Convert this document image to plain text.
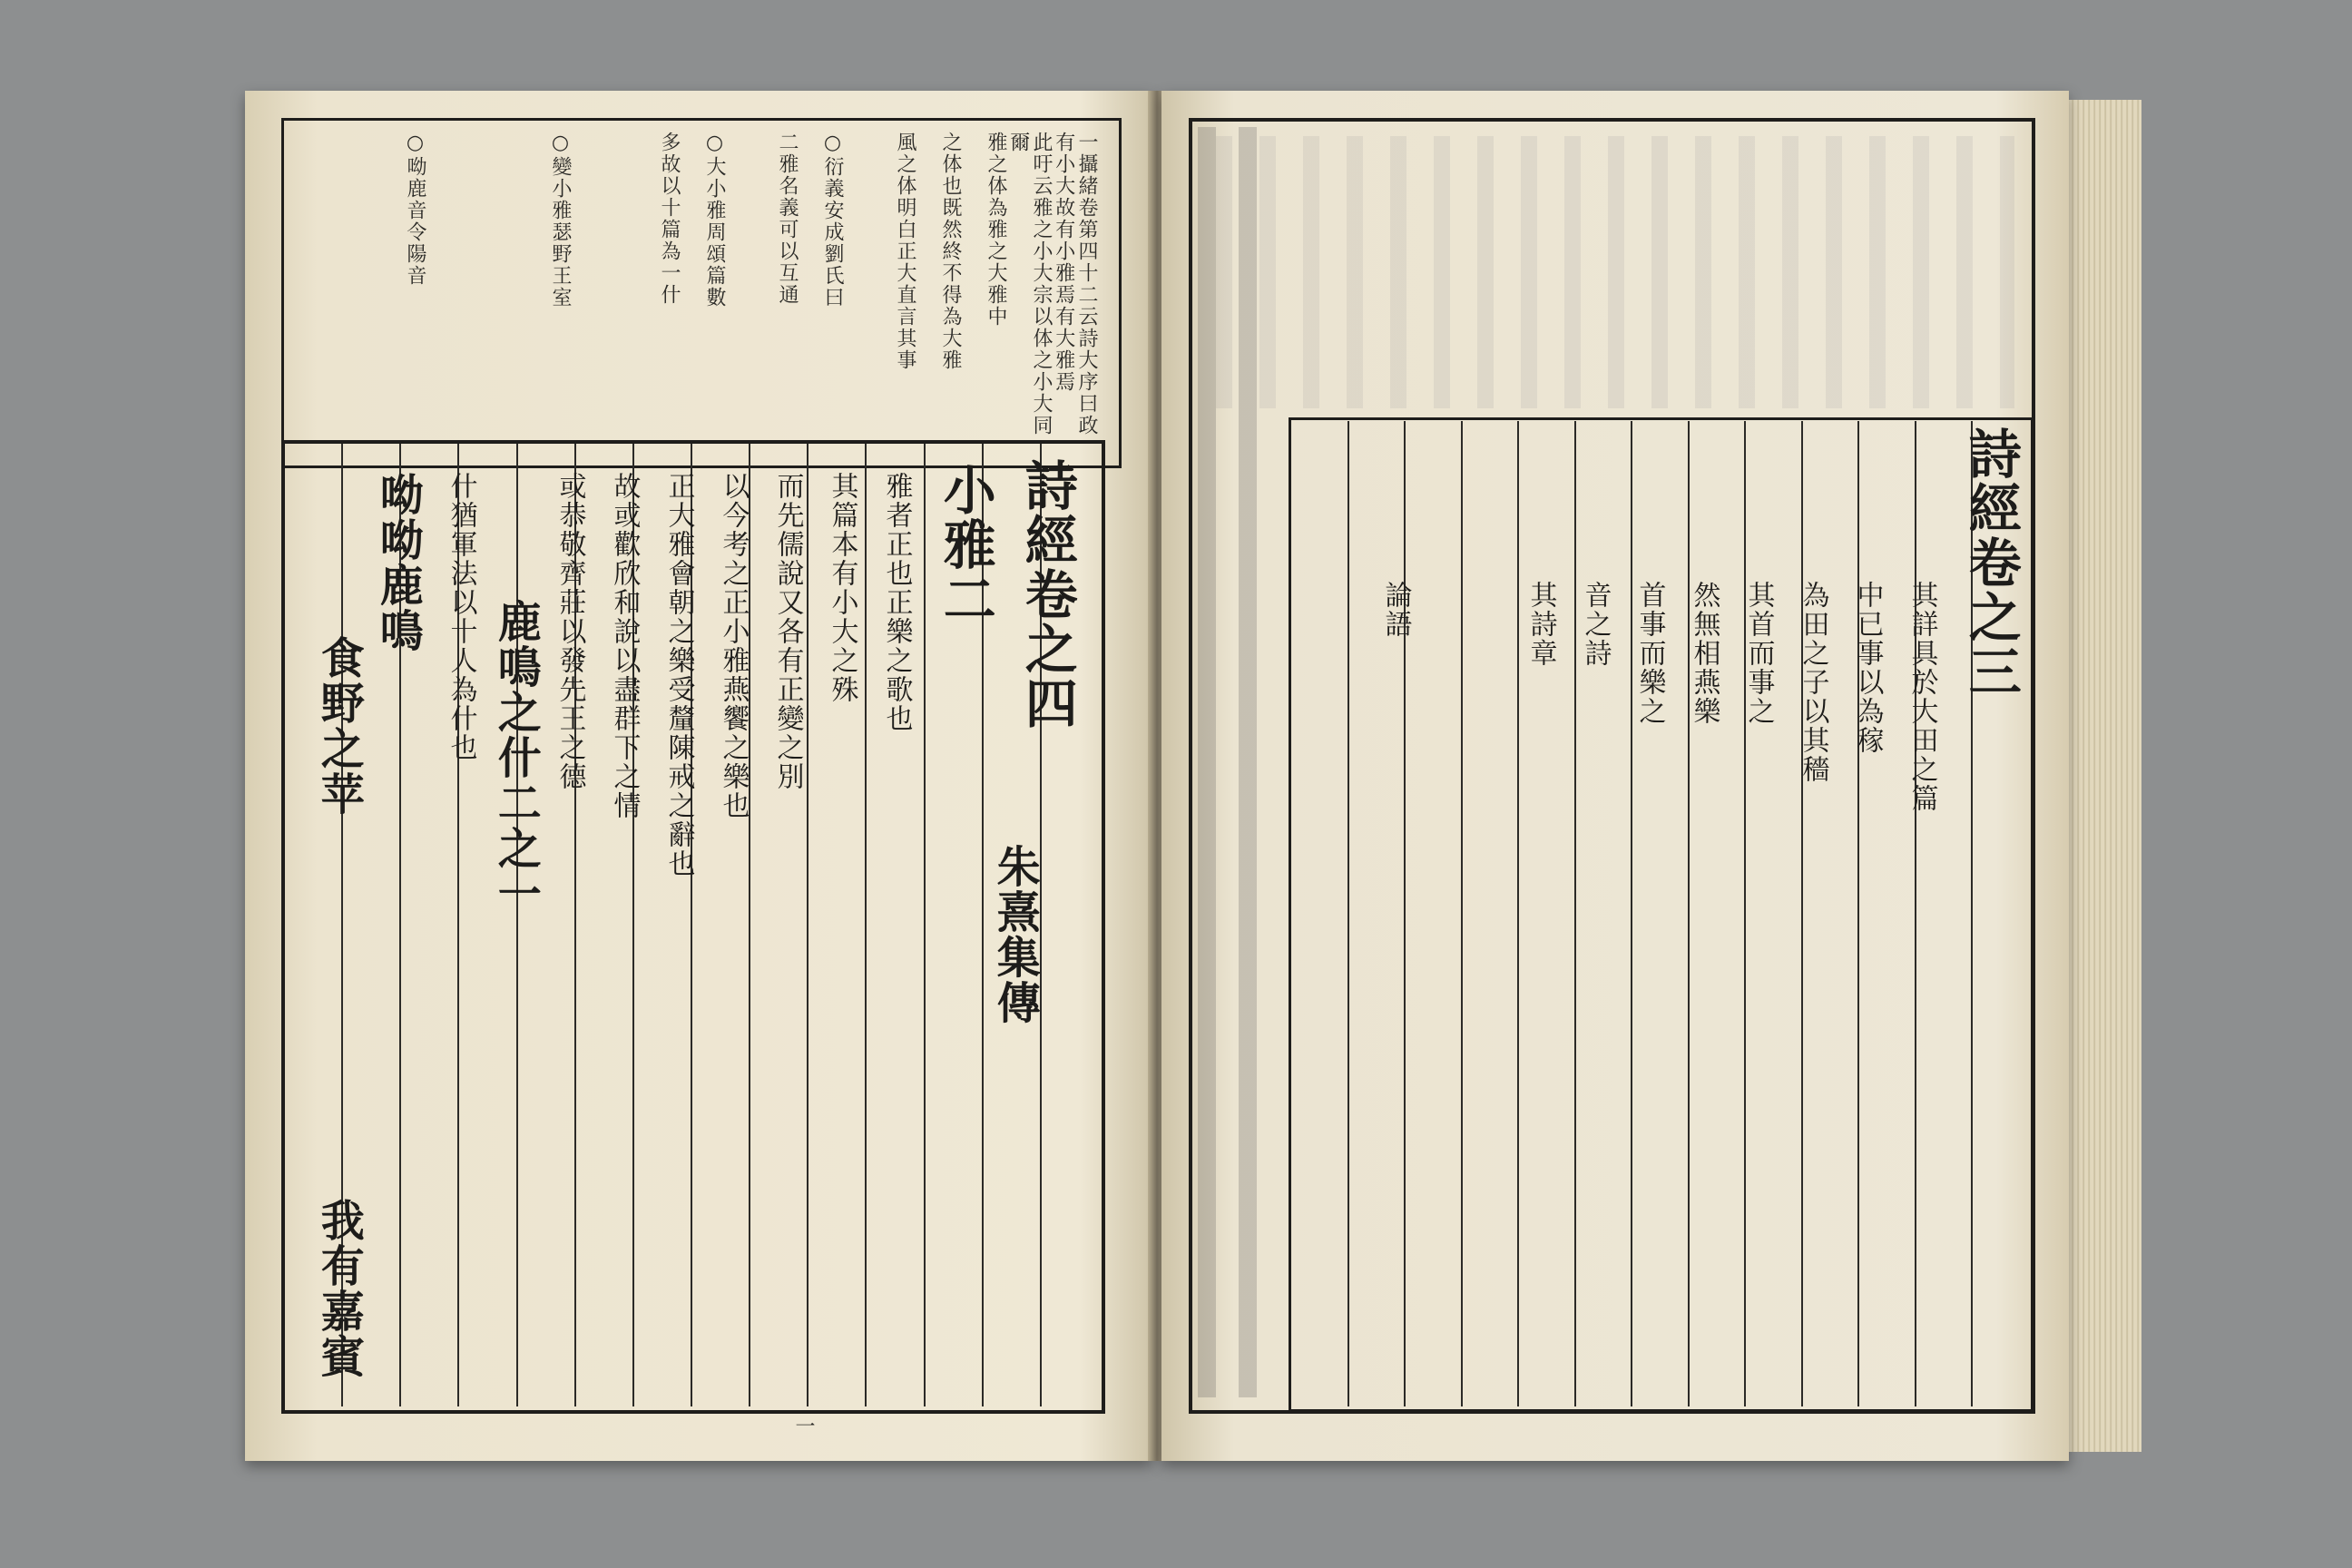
一攝緒卷第四十二云詩大序曰政有小大故有小雅焉有大雅焉
此吁云雅之小大宗以体之小大同爾
雅之体為雅之大雅中
之体也既然終不得為大雅
風之体明白正大直言其事
○衍義安成劉氏曰
二雅名義可以互通
○大小雅周頌篇數
多故以十篇為一什
○變小雅瑟野王室
○呦鹿音令陽音
詩經卷之四
小雅二
朱熹集傳
雅者正也正樂之歌也
其篇本有小大之殊
而先儒說又各有正變之別
以今考之正小雅燕饗之樂也
正大雅會朝之樂受釐陳戒之辭也
故或歡欣和說以盡群下之情
或恭敬齊莊以發先王之德
鹿鳴之什二之一
什猶軍法以十人為什也
呦呦鹿鳴
食野之苹
我有嘉賓
一
詩經卷之三
其詳具於大田之篇
中已事以為稼
為田之子以其穡
其首而事之
然無相燕樂
首事而樂之
音之詩
其詩章
論語
